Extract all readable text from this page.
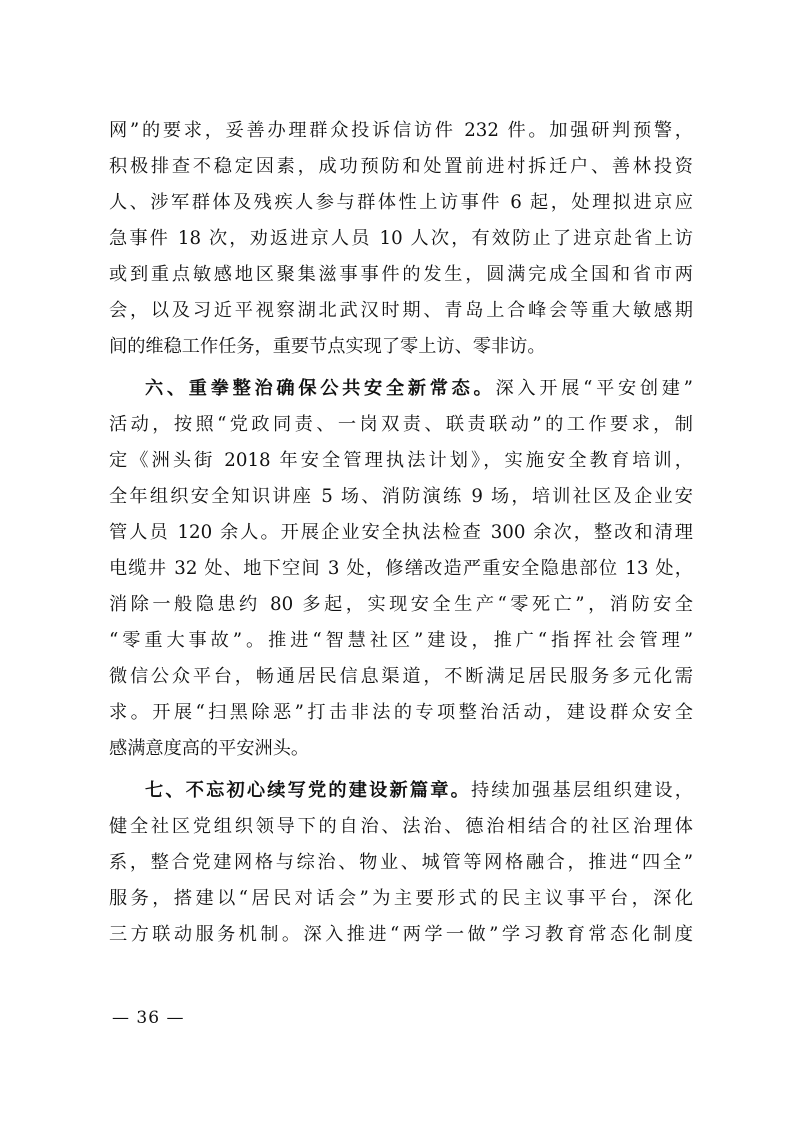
网”的要求，妥善办理群众投诉信访件 232 件。加强研判预警，
积极排查不稳定因素，成功预防和处置前进村拆迁户、善林投资
人、涉军群体及残疾人参与群体性上访事件 6 起，处理拟进京应
急事件 18 次，劝返进京人员 10 人次，有效防止了进京赴省上访
或到重点敏感地区聚集滋事事件的发生，圆满完成全国和省市两
会，以及习近平视察湖北武汉时期、青岛上合峰会等重大敏感期
间的维稳工作任务，重要节点实现了零上访、零非访。
六、重拳整治确保公共安全新常态。深入开展“平安创建”
活动，按照“党政同责、一岗双责、联责联动”的工作要求，制
定《洲头街 2018 年安全管理执法计划》，实施安全教育培训，
全年组织安全知识讲座 5 场、消防演练 9 场，培训社区及企业安
管人员 120 余人。开展企业安全执法检查 300 余次，整改和清理
电缆井 32 处、地下空间 3 处，修缮改造严重安全隐患部位 13 处，
消除一般隐患约 80 多起，实现安全生产“零死亡”，消防安全
“零重大事故”。推进“智慧社区”建设，推广“指挥社会管理”
微信公众平台，畅通居民信息渠道，不断满足居民服务多元化需
求。开展“扫黑除恶”打击非法的专项整治活动，建设群众安全
感满意度高的平安洲头。
七、不忘初心续写党的建设新篇章。持续加强基层组织建设，
健全社区党组织领导下的自治、法治、德治相结合的社区治理体
系，整合党建网格与综治、物业、城管等网格融合，推进“四全”
服务，搭建以“居民对话会”为主要形式的民主议事平台，深化
三方联动服务机制。深入推进“两学一做”学习教育常态化制度
— 36 —
